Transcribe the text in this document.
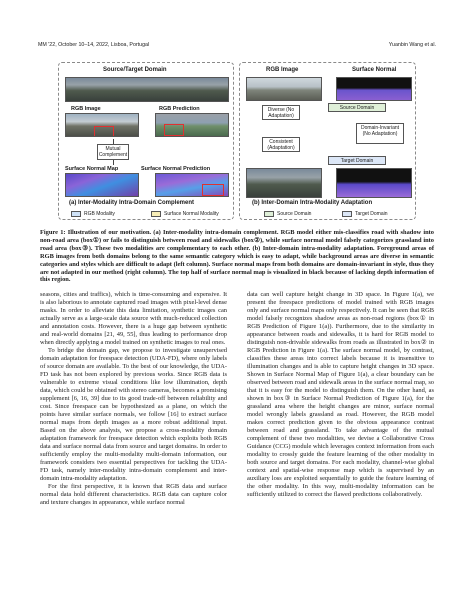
MM '22, October 10–14, 2022, Lisboa, Portugal	Yuanbin Wang et al.
Source/Target Domain
RGB Image	RGB Prediction
Mutual Complement
Surface Normal Map	Surface Normal Prediction
(a) Inter-Modality Intra-Domain Complement
RGB Modality	Surface Normal Modality
RGB Image	Surface Normal
Diverse (No Adaptation)
Consistent (Adaptation)
Domain-Invariant (No Adaptation)
Source Domain
Target Domain
(b) Inter-Domain Intra-Modality Adaptation
Source Domain	Target Domain
Figure 1: Illustration of our motivation. (a) Inter-modality intra-domain complement. RGB model either mis-classifies road with shadow into non-road area (box①) or fails to distinguish between road and sidewalks (box②), while surface normal model falsely categorizes grassland into road area (box③). These two modalities are complementary to each other. (b) Inter-domain intra-modality adaptation. Foreground areas of RGB images from both domains belong to the same semantic category which is easy to adapt, while background areas are diverse in semantic categories and styles which are difficult to adapt (left column). Surface normal maps from both domains are domain-invariant in style, thus they are not adapted in our method (right column). The top half of surface normal map is visualized in black because of lacking depth information of this region.

seasons, cities and traffics), which is time-consuming and expensive. It is also laborious to annotate captured road images with pixel-level dense masks. In order to alleviate this data limitation, synthetic images can actually serve as a large-scale data source with much-reduced collection and annotation costs. However, there is a huge gap between synthetic and real-world domains [21, 49, 55], thus leading to performance drop when directly applying a model trained on synthetic images to real ones.

To bridge the domain gap, we propose to investigate unsupervised domain adaptation for freespace detection (UDA-FD), where only labels of source domain are available. To the best of our knowledge, the UDA-FD task has not been explored by previous works. Since RGB data is vulnerable to extreme visual conditions like low illumination, depth data, which could be obtained with stereo cameras, becomes a promising supplement [6, 16, 39] due to its good trade-off between reliability and cost. Since freespace can be hypothesized as a plane, on which the points have similar surface normals, we follow [16] to extract surface normal maps from depth images as a more robust additional input. Based on the above analysis, we propose a cross-modality domain adaptation framework for freespace detection which exploits both RGB data and surface normal data from source and target domains. In order to sufficiently employ the multi-modality multi-domain information, our framework considers two essential perspectives for tackling the UDA-FD task, namely inter-modality intra-domain complement and inter-domain intra-modality adaptation.

For the first perspective, it is known that RGB data and surface normal data hold different characteristics. RGB data can capture color and texture changes in appearance, while surface normal

data can well capture height change in 3D space. In Figure 1(a), we present the freespace predictions of model trained with RGB images only and surface normal maps only respectively. It can be seen that RGB model falsely recognizes shadow areas as non-road regions (box① in RGB Prediction of Figure 1(a)). Furthermore, due to the similarity in appearance between roads and sidewalks, it is hard for RGB model to distinguish non-drivable sidewalks from roads as illustrated in box② in RGB Prediction in Figure 1(a). The surface normal model, by contrast, classifies these areas into correct labels because it is insensitive to illumination changes and is able to capture height changes in 3D space. Shown in Surface Normal Map of Figure 1(a), a clear boundary can be observed between road and sidewalk areas in the surface normal map, so that it is easy for the model to distinguish them. On the other hand, as shown in box③ in Surface Normal Prediction of Figure 1(a), for the grassland area where the height changes are minor, surface normal model wrongly labels grassland as road. However, the RGB model makes correct prediction given to the obvious appearance contrast between road and grassland. To take advantage of the mutual complement of these two modalities, we devise a Collaborative Cross Guidance (CCG) module which leverages context information from each modality to crossly guide the feature learning of the other modality in both source and target domains. For each modality, channel-wise global context and spatial-wise response map which is supervised by an auxiliary loss are exploited sequentially to guide the feature learning of the other modality. In this way, multi-modality information can be sufficiently utilized to correct the flawed predictions collaboratively.
